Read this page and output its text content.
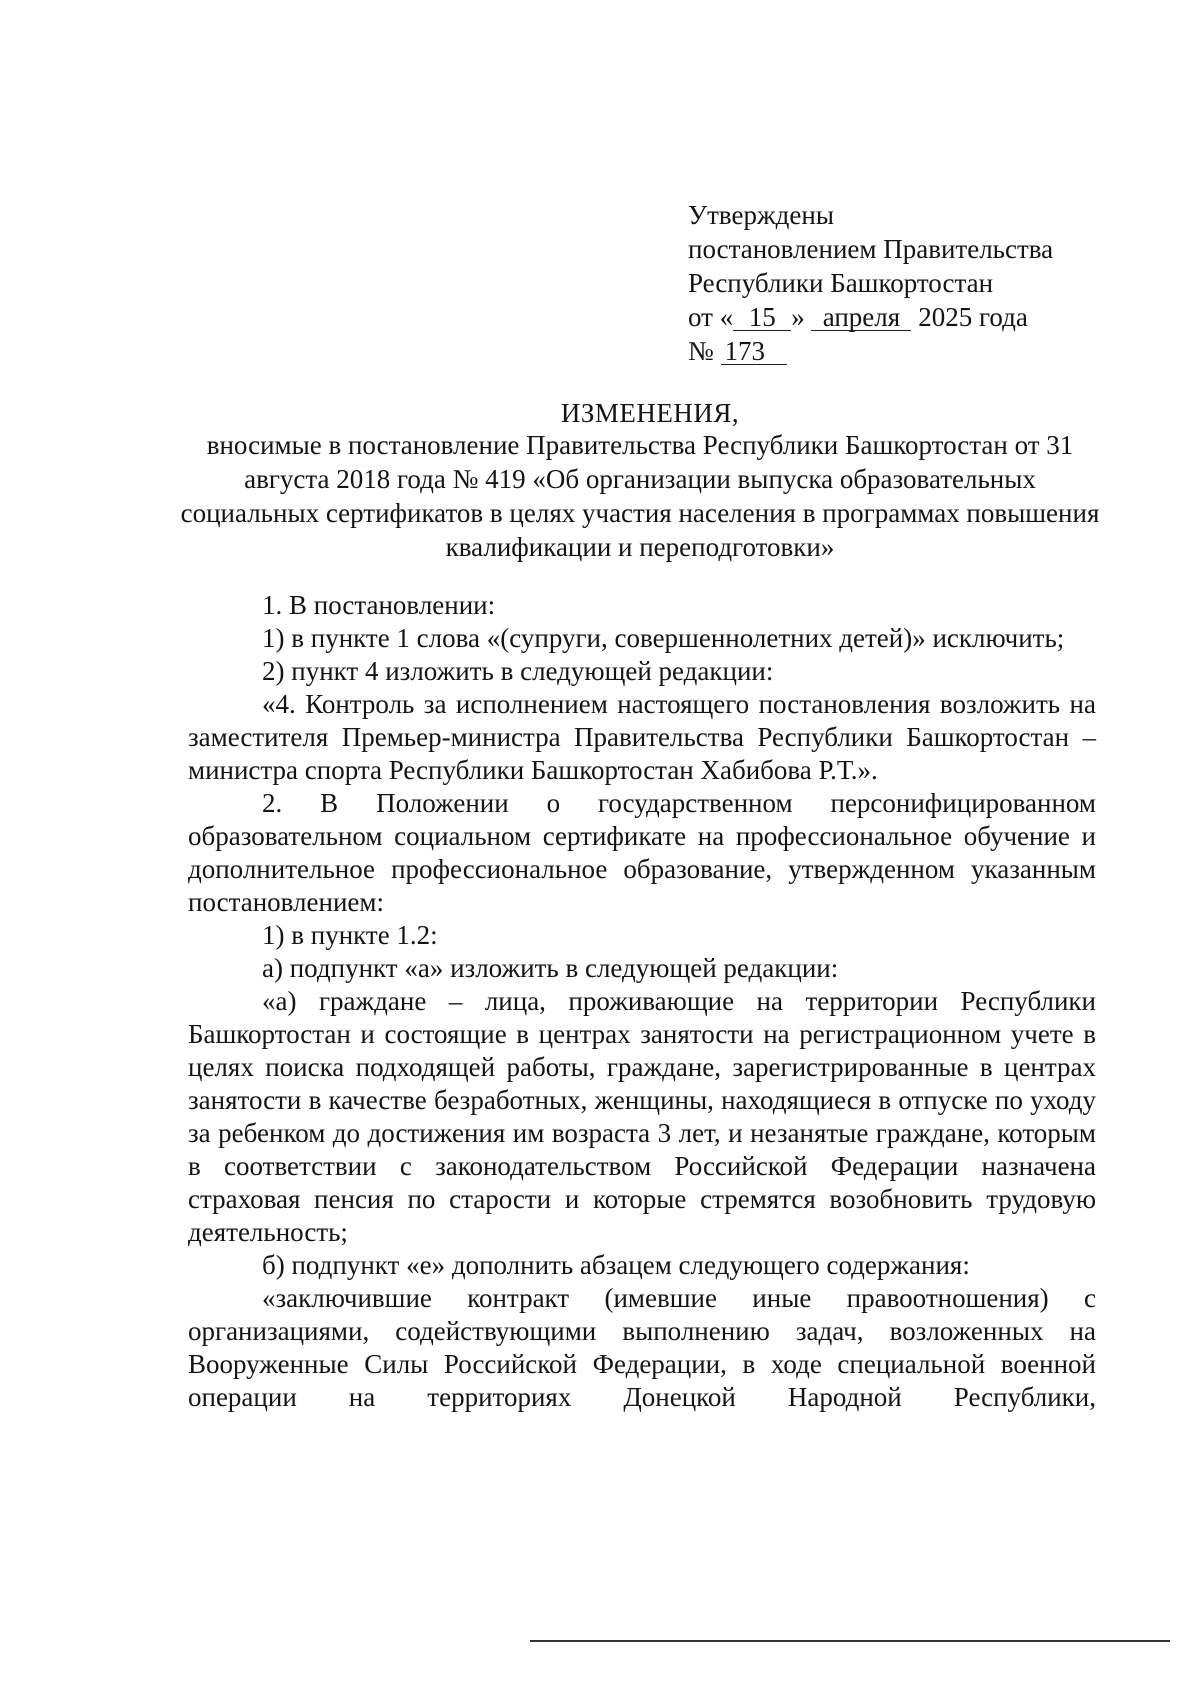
Утверждены
постановлением Правительства
Республики Башкортостан
от « 15 » апреля 2025 года
№ 173
ИЗМЕНЕНИЯ,
вносимые в постановление Правительства Республики Башкортостан от 31 августа 2018 года № 419 «Об организации выпуска образовательных социальных сертификатов в целях участия населения в программах повышения квалификации и переподготовки»

1. В постановлении:

1) в пункте 1 слова «(супруги, совершеннолетних детей)» исключить;

2) пункт 4 изложить в следующей редакции:

«4. Контроль за исполнением настоящего постановления возложить на заместителя Премьер-министра Правительства Республики Башкортостан – министра спорта Республики Башкортостан Хабибова Р.Т.».

2. В Положении о государственном персонифицированном образовательном социальном сертификате на профессиональное обучение и дополнительное профессиональное образование, утвержденном указанным постановлением:

1) в пункте 1.2:

а) подпункт «а» изложить в следующей редакции:

«а) граждане – лица, проживающие на территории Республики Башкортостан и состоящие в центрах занятости на регистрационном учете в целях поиска подходящей работы, граждане, зарегистрированные в центрах занятости в качестве безработных, женщины, находящиеся в отпуске по уходу за ребенком до достижения им возраста 3 лет, и незанятые граждане, которым в соответствии с законодательством Российской Федерации назначена страховая пенсия по старости и которые стремятся возобновить трудовую деятельность;

б) подпункт «е» дополнить абзацем следующего содержания:

«заключившие контракт (имевшие иные правоотношения) с организациями, содействующими выполнению задач, возложенных на Вооруженные Силы Российской Федерации, в ходе специальной военной операции на территориях Донецкой Народной Республики,
